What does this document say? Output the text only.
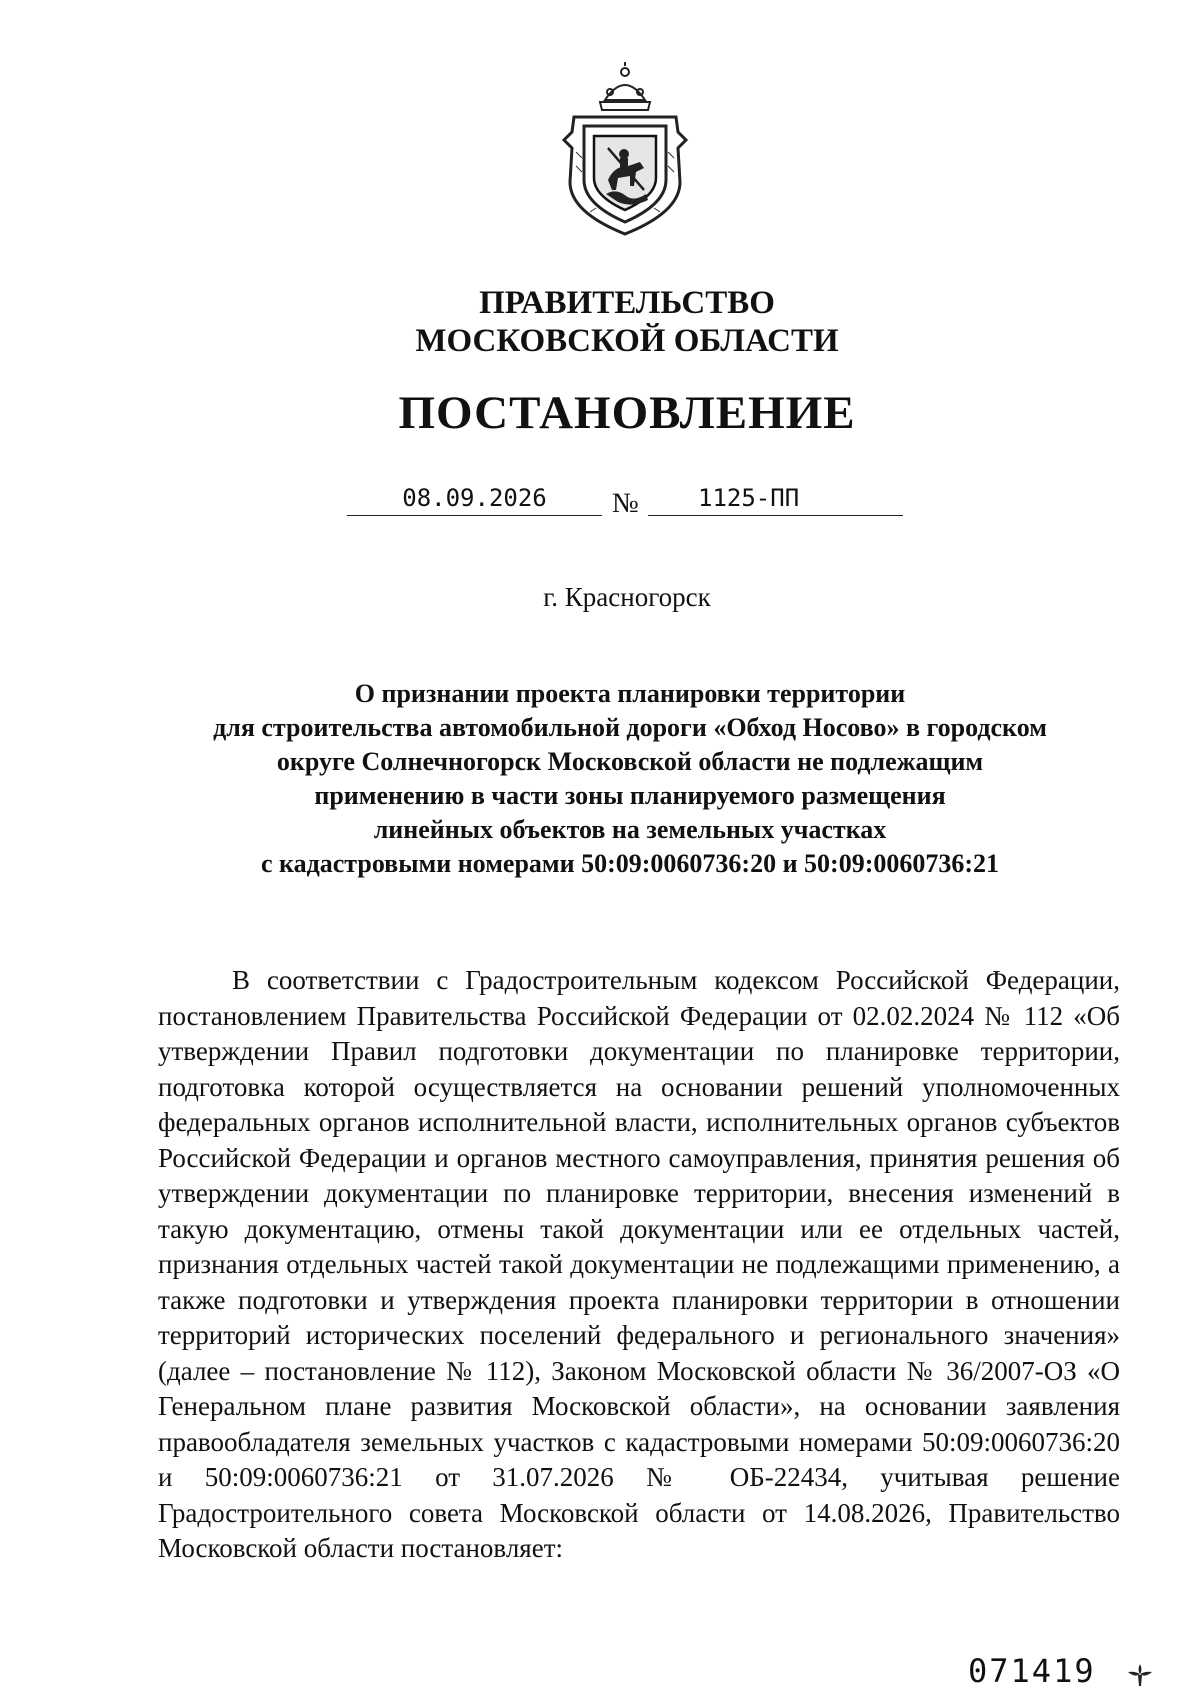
ПРАВИТЕЛЬСТВО
МОСКОВСКОЙ ОБЛАСТИ
ПОСТАНОВЛЕНИЕ
08.09.2026	№	1125-ПП
г. Красногорск
О признании проекта планировки территории
для строительства автомобильной дороги «Обход Носово» в городском
округе Солнечногорск Московской области не подлежащим
применению в части зоны планируемого размещения
линейных объектов на земельных участках
с кадастровыми номерами 50:09:0060736:20 и 50:09:0060736:21
В соответствии с Градостроительным кодексом Российской Федерации, постановлением Правительства Российской Федерации от 02.02.2024 № 112 «Об утверждении Правил подготовки документации по планировке территории, подготовка которой осуществляется на основании решений уполномоченных федеральных органов исполнительной власти, исполнительных органов субъектов Российской Федерации и органов местного самоуправления, принятия решения об утверждении документации по планировке территории, внесения изменений в такую документацию, отмены такой документации или ее отдельных частей, признания отдельных частей такой документации не подлежащими применению, а также подготовки и утверждения проекта планировки территории в отношении территорий исторических поселений федерального и регионального значения» (далее – постановление № 112), Законом Московской области № 36/2007-ОЗ «О Генеральном плане развития Московской области», на основании заявления правообладателя земельных участков с кадастровыми номерами 50:09:0060736:20 и 50:09:0060736:21 от 31.07.2026 № ОБ-22434, учитывая решение Градостроительного совета Московской области от 14.08.2026, Правительство Московской области постановляет:
071419
